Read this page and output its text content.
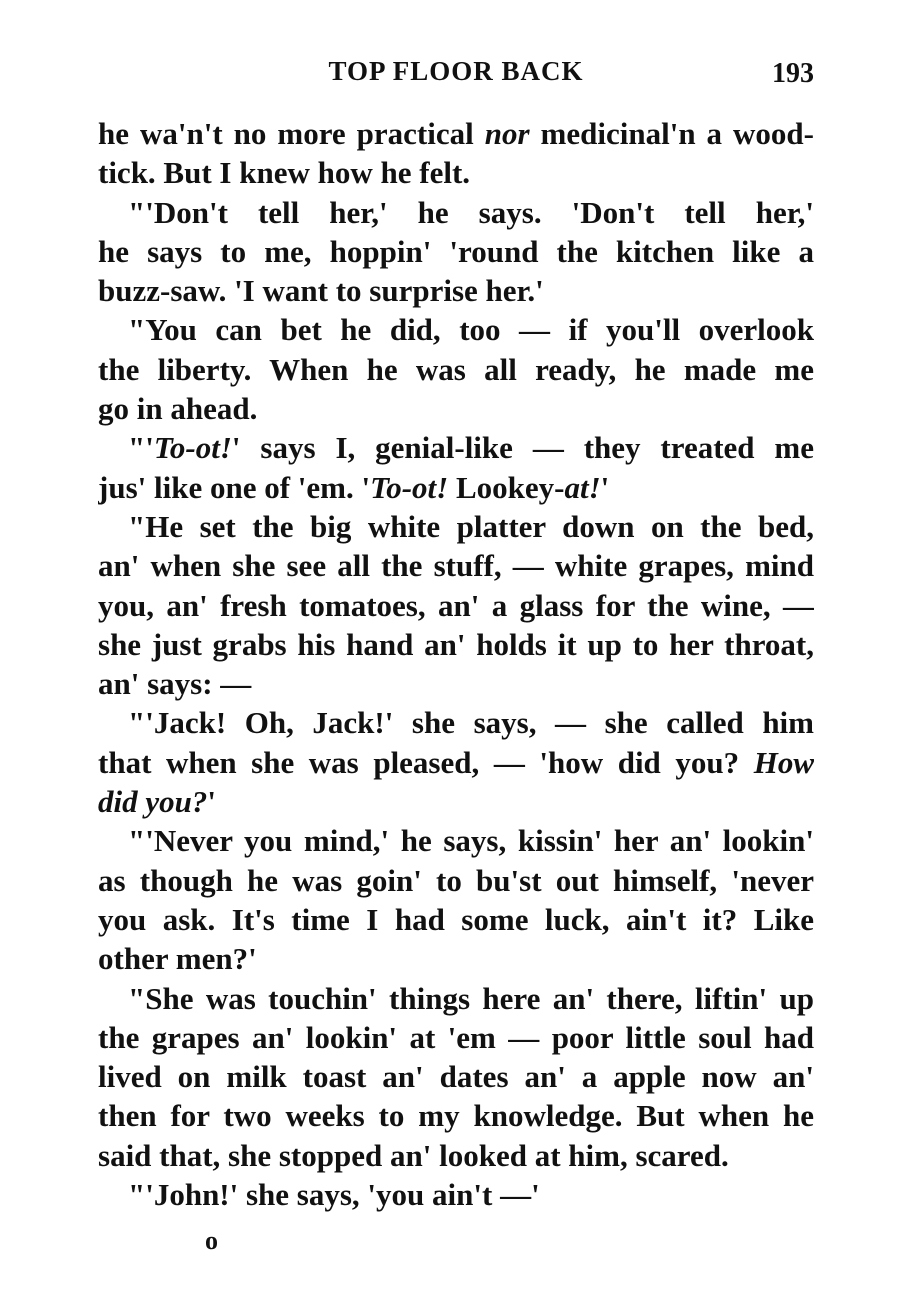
TOP FLOOR BACK	193
he wa'n't no more practical nor medicinal'n a wood-
tick. But I knew how he felt.
"'Don't tell her,' he says. 'Don't tell her,'
he says to me, hoppin' 'round the kitchen like a
buzz-saw. 'I want to surprise her.'
"You can bet he did, too — if you'll overlook
the liberty. When he was all ready, he made me
go in ahead.
"'To-ot!' says I, genial-like — they treated me
jus' like one of 'em. 'To-ot! Lookey-at!'
"He set the big white platter down on the bed,
an' when she see all the stuff, — white grapes, mind
you, an' fresh tomatoes, an' a glass for the wine, —
she just grabs his hand an' holds it up to her throat,
an' says: —
"'Jack! Oh, Jack!' she says, — she called him
that when she was pleased, — 'how did you? How
did you?'
"'Never you mind,' he says, kissin' her an' lookin'
as though he was goin' to bu'st out himself, 'never
you ask. It's time I had some luck, ain't it? Like
other men?'
"She was touchin' things here an' there, liftin' up
the grapes an' lookin' at 'em — poor little soul had
lived on milk toast an' dates an' a apple now an'
then for two weeks to my knowledge. But when he
said that, she stopped an' looked at him, scared.
"'John!' she says, 'you ain't —'
o
